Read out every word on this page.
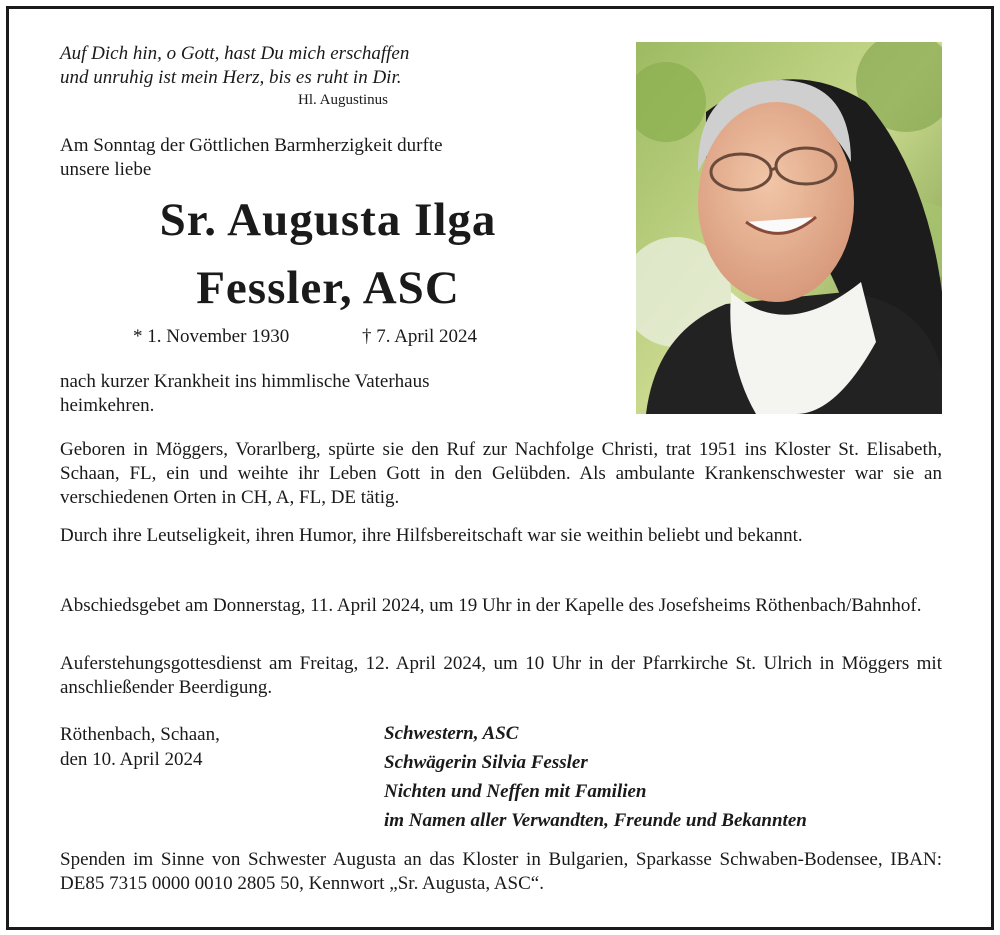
Auf Dich hin, o Gott, hast Du mich erschaffen
und unruhig ist mein Herz, bis es ruht in Dir.
Hl. Augustinus
Am Sonntag der Göttlichen Barmherzigkeit durfte
unsere liebe
Sr. Augusta Ilga
Fessler, ASC
* 1. November 1930	† 7. April 2024
nach kurzer Krankheit ins himmlische Vaterhaus
heimkehren.
Geboren in Möggers, Vorarlberg, spürte sie den Ruf zur Nachfolge Christi, trat 1951 ins Kloster St. Elisabeth, Schaan, FL, ein und weihte ihr Leben Gott in den Gelübden. Als ambulante Krankenschwester war sie an verschiedenen Orten in CH, A, FL, DE tätig.
Durch ihre Leutseligkeit, ihren Humor, ihre Hilfsbereitschaft war sie weithin beliebt und bekannt.
Abschiedsgebet am Donnerstag, 11. April 2024, um 19 Uhr in der Kapelle des Josefsheims Röthenbach/Bahnhof.
Auferstehungsgottesdienst am Freitag, 12. April 2024, um 10 Uhr in der Pfarrkirche St. Ulrich in Möggers mit anschließender Beerdigung.
Röthenbach, Schaan,
den 10. April 2024
Schwestern, ASC
Schwägerin Silvia Fessler
Nichten und Neffen mit Familien
im Namen aller Verwandten, Freunde und Bekannten
Spenden im Sinne von Schwester Augusta an das Kloster in Bulgarien, Sparkasse Schwaben-Bodensee, IBAN: DE85 7315 0000 0010 2805 50, Kennwort „Sr. Augusta, ASC“.
